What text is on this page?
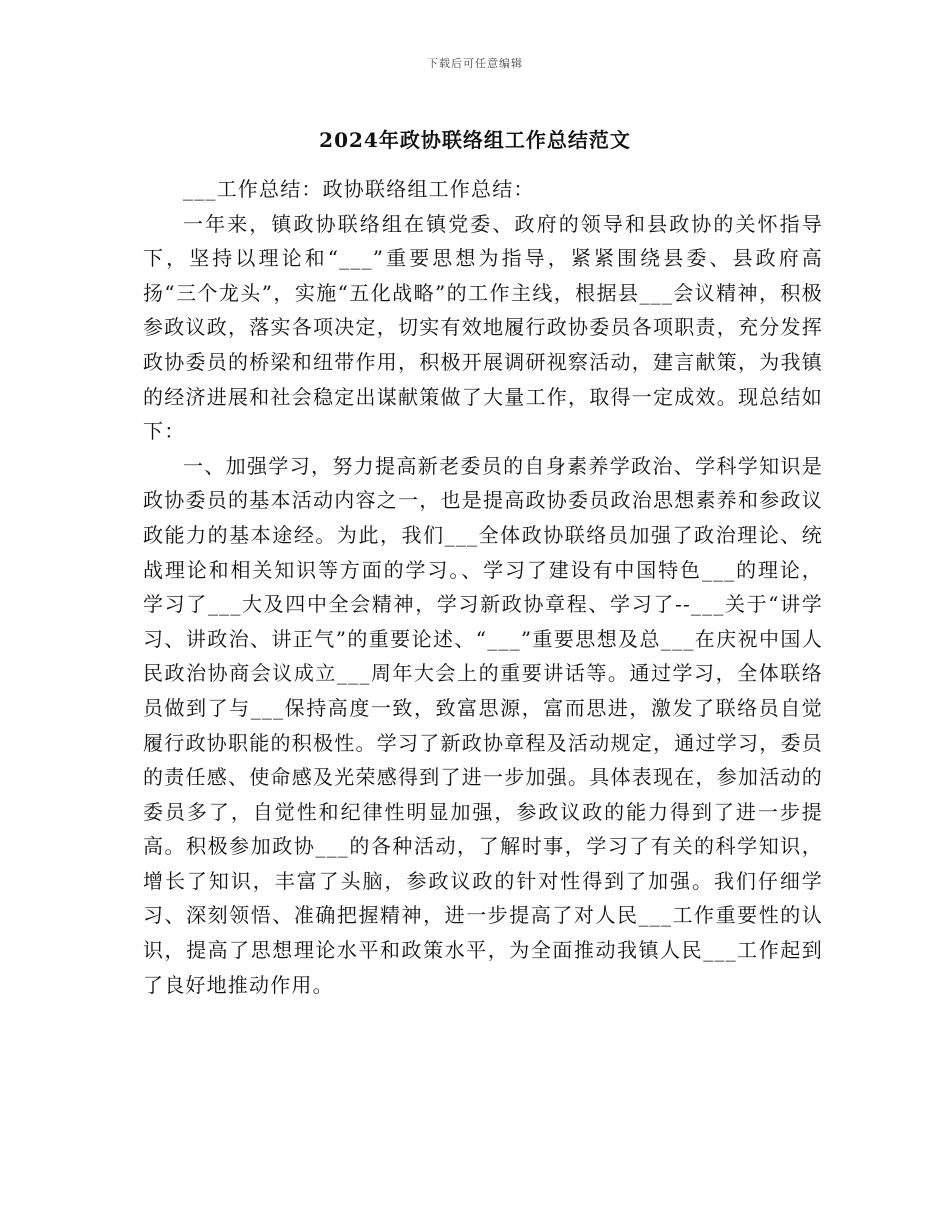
下载后可任意编辑
2024年政协联络组工作总结范文

___工作总结：政协联络组工作总结：

一年来，镇政协联络组在镇党委、政府的领导和县政协的关怀指导下，坚持以理论和“___”重要思想为指导，紧紧围绕县委、县政府高扬“三个龙头”，实施“五化战略”的工作主线，根据县___会议精神，积极参政议政，落实各项决定，切实有效地履行政协委员各项职责，充分发挥政协委员的桥梁和纽带作用，积极开展调研视察活动，建言献策，为我镇的经济进展和社会稳定出谋献策做了大量工作，取得一定成效。现总结如下：

一、加强学习，努力提高新老委员的自身素养学政治、学科学知识是政协委员的基本活动内容之一，也是提高政协委员政治思想素养和参政议政能力的基本途经。为此，我们___全体政协联络员加强了政治理论、统战理论和相关知识等方面的学习。、学习了建设有中国特色___的理论，学习了___大及四中全会精神，学习新政协章程、学习了--___关于“讲学习、讲政治、讲正气”的重要论述、“___”重要思想及总___在庆祝中国人民政治协商会议成立___周年大会上的重要讲话等。通过学习，全体联络员做到了与___保持高度一致，致富思源，富而思进，激发了联络员自觉履行政协职能的积极性。学习了新政协章程及活动规定，通过学习，委员的责任感、使命感及光荣感得到了进一步加强。具体表现在，参加活动的委员多了，自觉性和纪律性明显加强，参政议政的能力得到了进一步提高。积极参加政协___的各种活动，了解时事，学习了有关的科学知识，增长了知识，丰富了头脑，参政议政的针对性得到了加强。我们仔细学习、深刻领悟、准确把握精神，进一步提高了对人民___工作重要性的认识，提高了思想理论水平和政策水平，为全面推动我镇人民___工作起到了良好地推动作用。
